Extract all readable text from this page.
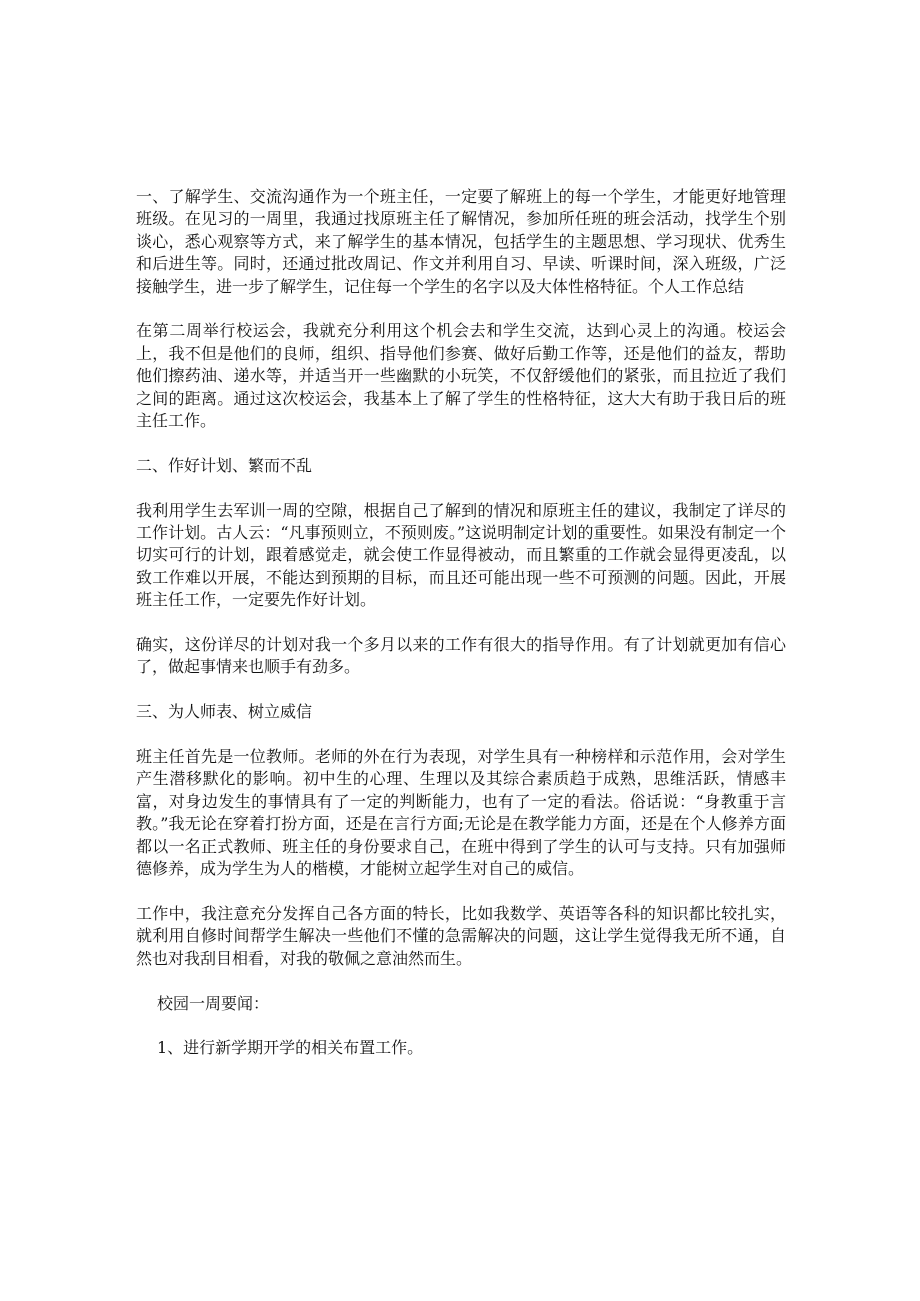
一、了解学生、交流沟通作为一个班主任，一定要了解班上的每一个学生，才能更好地管理班级。在见习的一周里，我通过找原班主任了解情况，参加所任班的班会活动，找学生个别谈心，悉心观察等方式，来了解学生的基本情况，包括学生的主题思想、学习现状、优秀生和后进生等。同时，还通过批改周记、作文并利用自习、早读、听课时间，深入班级，广泛接触学生，进一步了解学生，记住每一个学生的名字以及大体性格特征。个人工作总结

在第二周举行校运会，我就充分利用这个机会去和学生交流，达到心灵上的沟通。校运会上，我不但是他们的良师，组织、指导他们参赛、做好后勤工作等，还是他们的益友，帮助他们擦药油、递水等，并适当开一些幽默的小玩笑，不仅舒缓他们的紧张，而且拉近了我们之间的距离。通过这次校运会，我基本上了解了学生的性格特征，这大大有助于我日后的班主任工作。

二、作好计划、繁而不乱

我利用学生去军训一周的空隙，根据自己了解到的情况和原班主任的建议，我制定了详尽的工作计划。古人云：“凡事预则立，不预则废。”这说明制定计划的重要性。如果没有制定一个切实可行的计划，跟着感觉走，就会使工作显得被动，而且繁重的工作就会显得更凌乱，以致工作难以开展，不能达到预期的目标，而且还可能出现一些不可预测的问题。因此，开展班主任工作，一定要先作好计划。

确实，这份详尽的计划对我一个多月以来的工作有很大的指导作用。有了计划就更加有信心了，做起事情来也顺手有劲多。

三、为人师表、树立威信

班主任首先是一位教师。老师的外在行为表现，对学生具有一种榜样和示范作用，会对学生产生潜移默化的影响。初中生的心理、生理以及其综合素质趋于成熟，思维活跃，情感丰富，对身边发生的事情具有了一定的判断能力，也有了一定的看法。俗话说：“身教重于言教。”我无论在穿着打扮方面，还是在言行方面;无论是在教学能力方面，还是在个人修养方面都以一名正式教师、班主任的身份要求自己，在班中得到了学生的认可与支持。只有加强师德修养，成为学生为人的楷模，才能树立起学生对自己的威信。

工作中，我注意充分发挥自己各方面的特长，比如我数学、英语等各科的知识都比较扎实，就利用自修时间帮学生解决一些他们不懂的急需解决的问题，这让学生觉得我无所不通，自然也对我刮目相看，对我的敬佩之意油然而生。

校园一周要闻：

1、进行新学期开学的相关布置工作。
